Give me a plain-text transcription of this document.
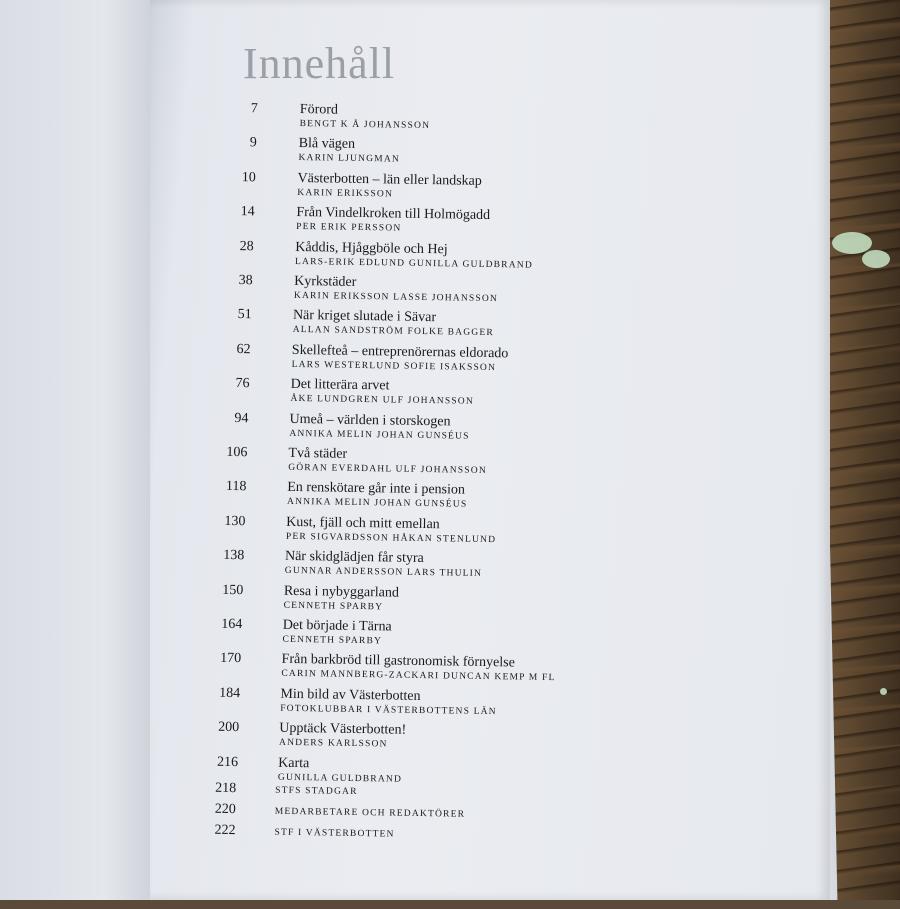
Innehåll
7	Förord
BENGT K Å JOHANSSON
9	Blå vägen
KARIN LJUNGMAN
10	Västerbotten – län eller landskap
KARIN ERIKSSON
14	Från Vindelkroken till Holmögadd
PER ERIK PERSSON
28	Kåddis, Hjåggböle och Hej
LARS-ERIK EDLUND GUNILLA GULDBRAND
38	Kyrkstäder
KARIN ERIKSSON LASSE JOHANSSON
51	När kriget slutade i Sävar
ALLAN SANDSTRÖM FOLKE BAGGER
62	Skellefteå – entreprenörernas eldorado
LARS WESTERLUND SOFIE ISAKSSON
76	Det litterära arvet
ÅKE LUNDGREN ULF JOHANSSON
94	Umeå – världen i storskogen
ANNIKA MELIN JOHAN GUNSÉUS
106	Två städer
GÖRAN EVERDAHL ULF JOHANSSON
118	En renskötare går inte i pension
ANNIKA MELIN JOHAN GUNSÉUS
130	Kust, fjäll och mitt emellan
PER SIGVARDSSON HÅKAN STENLUND
138	När skidglädjen får styra
GUNNAR ANDERSSON LARS THULIN
150	Resa i nybyggarland
CENNETH SPARBY
164	Det började i Tärna
CENNETH SPARBY
170	Från barkbröd till gastronomisk förnyelse
CARIN MANNBERG-ZACKARI DUNCAN KEMP M FL
184	Min bild av Västerbotten
FOTOKLUBBAR I VÄSTERBOTTENS LÄN
200	Upptäck Västerbotten!
ANDERS KARLSSON
216	Karta
GUNILLA GULDBRAND
218	STFS STADGAR
220	MEDARBETARE OCH REDAKTÖRER
222	STF I VÄSTERBOTTEN
